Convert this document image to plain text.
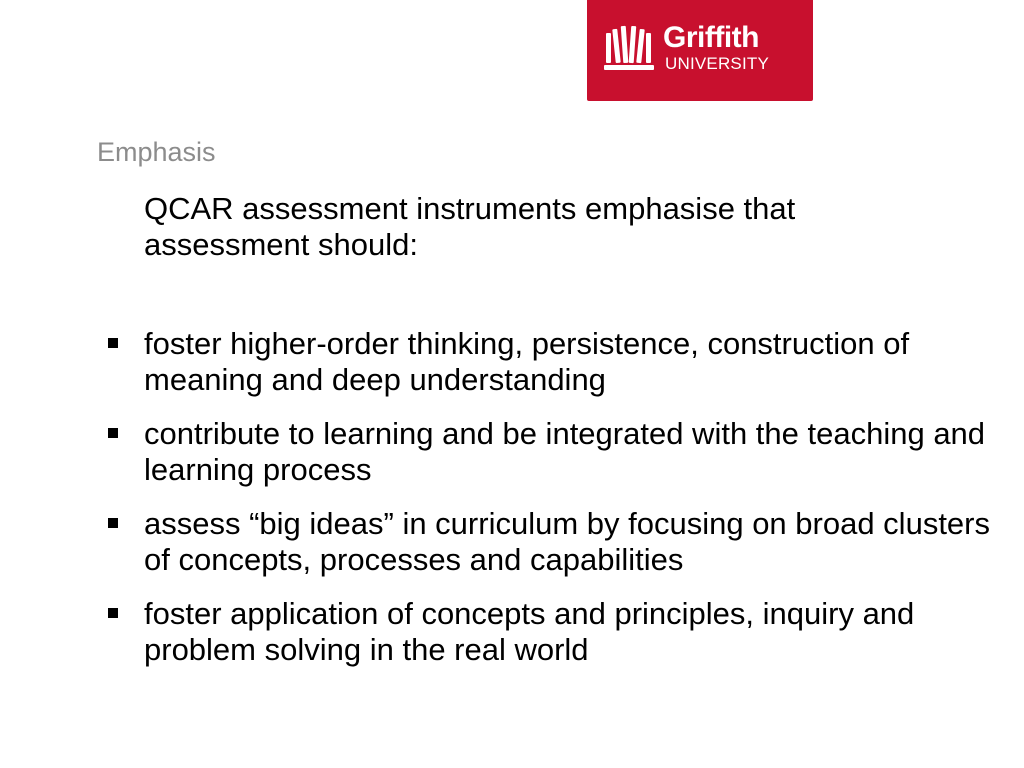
Griffith
UNIVERSITY
Emphasis

QCAR assessment instruments emphasise that assessment should:

foster higher-order thinking, persistence, construction of meaning and deep understanding
contribute to learning and be integrated with the teaching and learning process
assess “big ideas” in curriculum by focusing on broad clusters of concepts, processes and capabilities
foster application of concepts and principles, inquiry and problem solving in the real world
